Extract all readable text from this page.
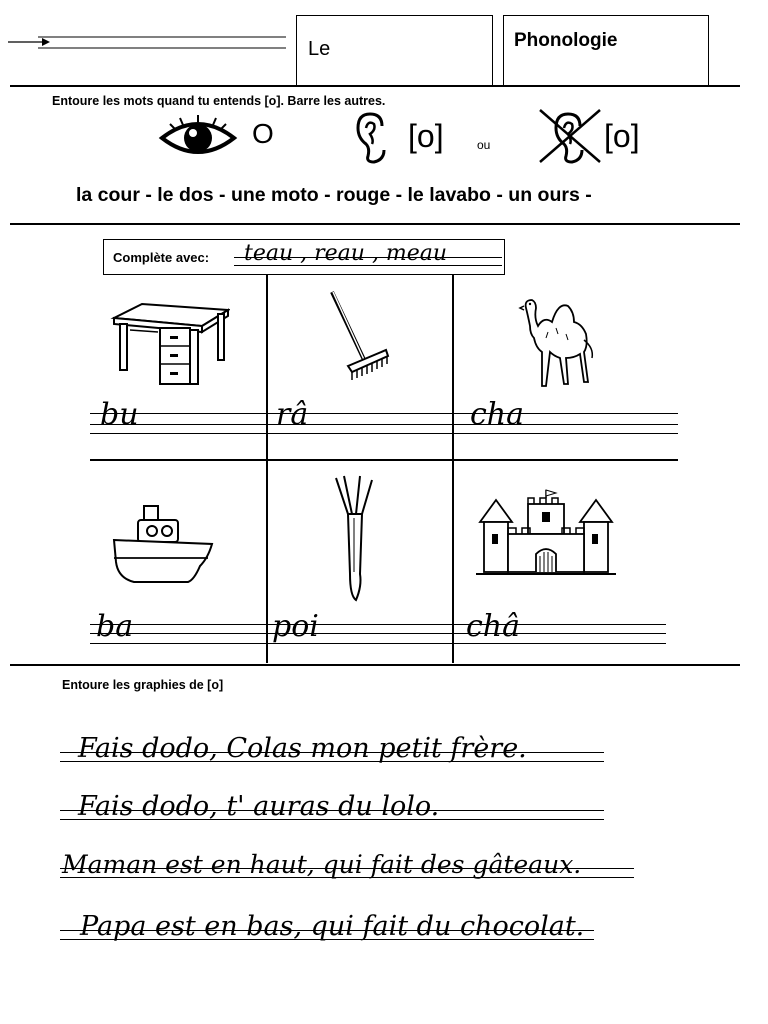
Le	Phonologie
Entoure les mots quand tu entends [o]. Barre les autres.
O	[o]	ou	[o]
la cour - le dos - une moto - rouge - le lavabo - un ours -
Complète avec: teau , reau , meau
bu	râ	cha
ba	poi	châ
Entoure les graphies de [o]
Fais dodo, Colas mon petit frère.
Fais dodo, t' auras du lolo.
Maman est en haut, qui fait des gâteaux.
Papa est en bas, qui fait du chocolat.
